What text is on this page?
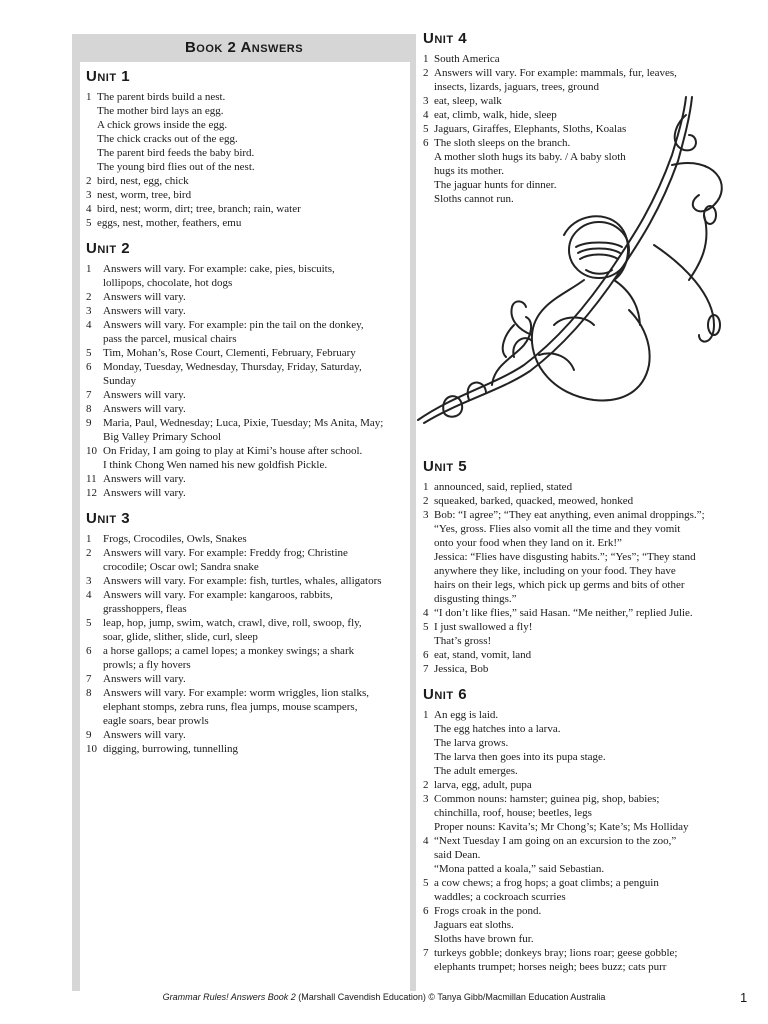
Book 2 Answers
Unit 1
1 The parent birds build a nest.
The mother bird lays an egg.
A chick grows inside the egg.
The chick cracks out of the egg.
The parent bird feeds the baby bird.
The young bird flies out of the nest.
2 bird, nest, egg, chick
3 nest, worm, tree, bird
4 bird, nest; worm, dirt; tree, branch; rain, water
5 eggs, nest, mother, feathers, emu
Unit 2
1	Answers will vary. For example: cake, pies, biscuits,
lollipops, chocolate, hot dogs
2	Answers will vary.
3	Answers will vary.
4	Answers will vary. For example: pin the tail on the donkey,
pass the parcel, musical chairs
5	Tim, Mohan’s, Rose Court, Clementi, February, February
6	Monday, Tuesday, Wednesday, Thursday, Friday, Saturday,
Sunday
7	Answers will vary.
8	Answers will vary.
9	Maria, Paul, Wednesday; Luca, Pixie, Tuesday; Ms Anita, May;
Big Valley Primary School
10 On Friday, I am going to play at Kimi’s house after school.
I think Chong Wen named his new goldfish Pickle.
11 Answers will vary.
12 Answers will vary.
Unit 3
1	Frogs, Crocodiles, Owls, Snakes
2	Answers will vary. For example: Freddy frog; Christine
crocodile; Oscar owl; Sandra snake
3	Answers will vary. For example: fish, turtles, whales, alligators
4	Answers will vary. For example: kangaroos, rabbits,
grasshoppers, fleas
5	leap, hop, jump, swim, watch, crawl, dive, roll, swoop, fly,
soar, glide, slither, slide, curl, sleep
6	a horse gallops; a camel lopes; a monkey swings; a shark
prowls; a fly hovers
7	Answers will vary.
8	Answers will vary. For example: worm wriggles, lion stalks,
elephant stomps, zebra runs, flea jumps, mouse scampers,
eagle soars, bear prowls
9	Answers will vary.
10 digging, burrowing, tunnelling
Unit 4
1 South America
2 Answers will vary. For example: mammals, fur, leaves,
insects, lizards, jaguars, trees, ground
3 eat, sleep, walk
4 eat, climb, walk, hide, sleep
5 Jaguars, Giraffes, Elephants, Sloths, Koalas
6 The sloth sleeps on the branch.
A mother sloth hugs its baby. / A baby sloth
hugs its mother.
The jaguar hunts for dinner.
Sloths cannot run.
Unit 5
1 announced, said, replied, stated
2 squeaked, barked, quacked, meowed, honked
3 Bob: “I agree”; “They eat anything, even animal droppings.”;
“Yes, gross. Flies also vomit all the time and they vomit
onto your food when they land on it. Erk!”
Jessica: “Flies have disgusting habits.”; “Yes”; “They stand
anywhere they like, including on your food. They have
hairs on their legs, which pick up germs and bits of other
disgusting things.”
4 “I don’t like flies,” said Hasan. “Me neither,” replied Julie.
5 I just swallowed a fly!
That’s gross!
6 eat, stand, vomit, land
7 Jessica, Bob
Unit 6
1 An egg is laid.
The egg hatches into a larva.
The larva grows.
The larva then goes into its pupa stage.
The adult emerges.
2 larva, egg, adult, pupa
3 Common nouns: hamster; guinea pig, shop, babies;
chinchilla, roof, house; beetles, legs
Proper nouns: Kavita’s; Mr Chong’s; Kate’s; Ms Holliday
4 “Next Tuesday I am going on an excursion to the zoo,”
said Dean.
“Mona patted a koala,” said Sebastian.
5 a cow chews; a frog hops; a goat climbs; a penguin
waddles; a cockroach scurries
6 Frogs croak in the pond.
Jaguars eat sloths.
Sloths have brown fur.
7 turkeys gobble; donkeys bray; lions roar; geese gobble;
elephants trumpet; horses neigh; bees buzz; cats purr
Grammar Rules! Answers Book 2 (Marshall Cavendish Education) © Tanya Gibb/Macmillan Education Australia	1
